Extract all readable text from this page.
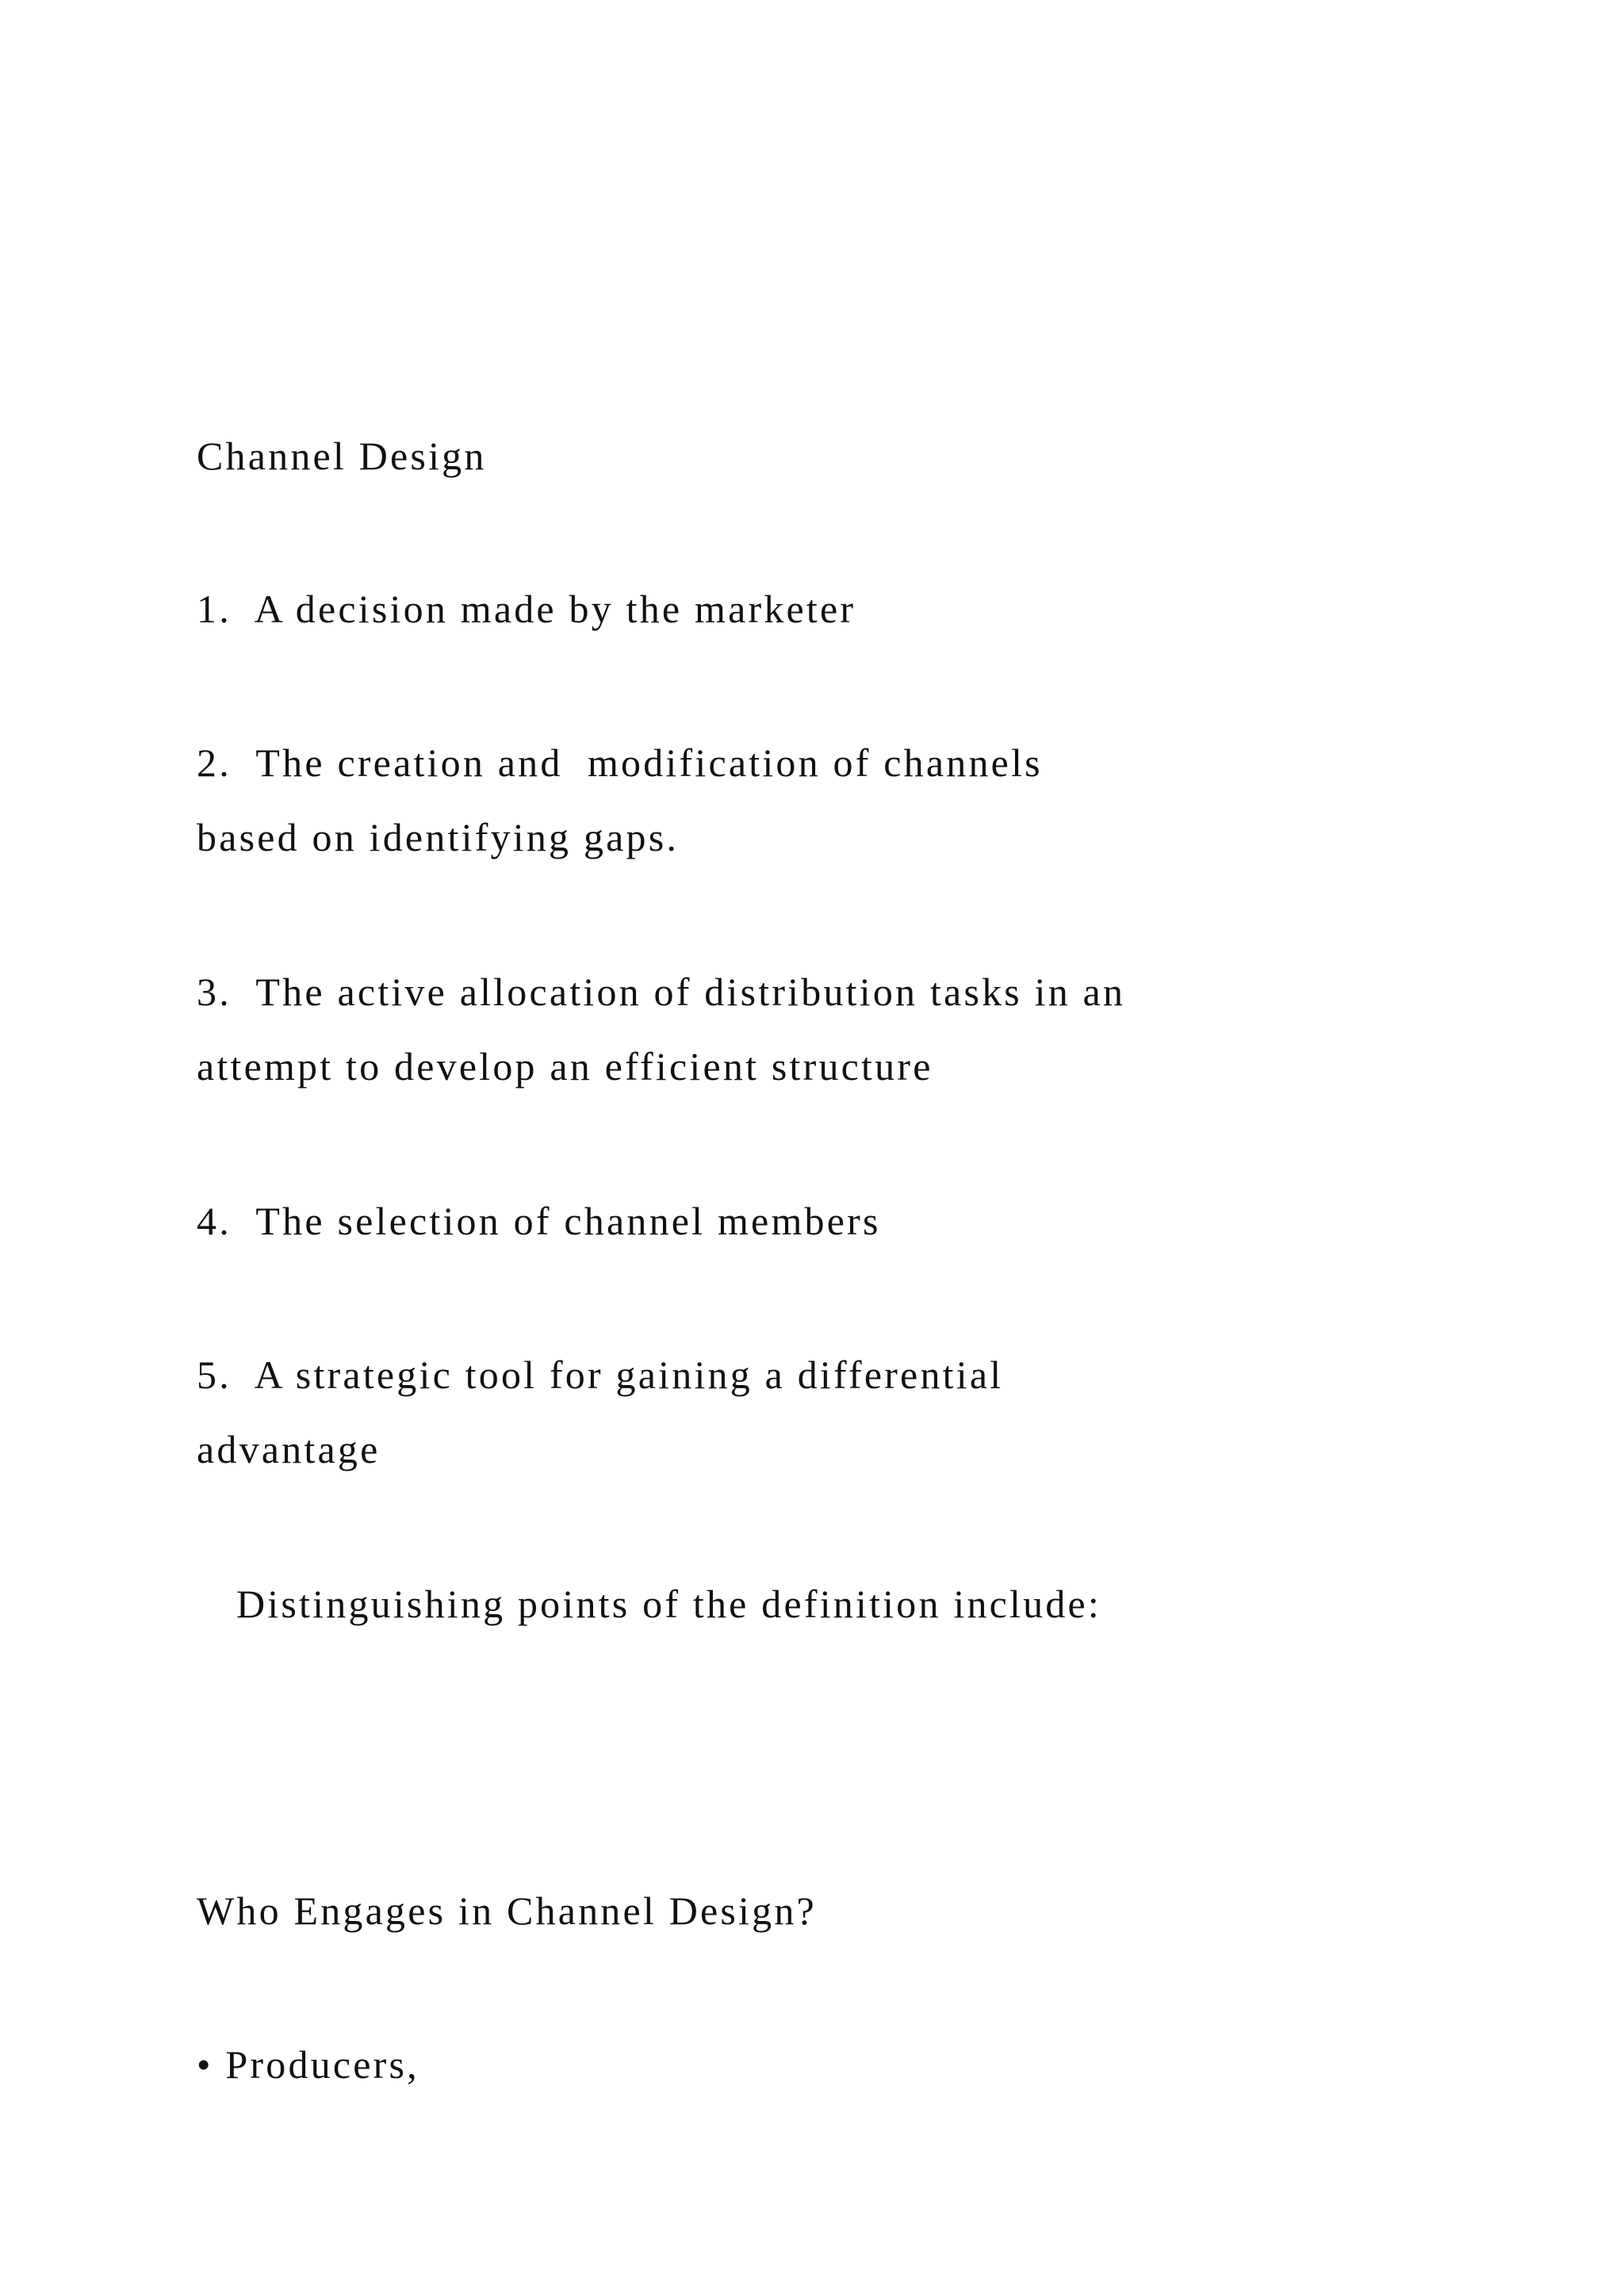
Channel Design

1. A decision made by the marketer

2. The creation and  modification of channels

based on identifying gaps.

3. The active allocation of distribution tasks in an

attempt to develop an efficient structure

4. The selection of channel members

5. A strategic tool for gaining a differential

advantage

Distinguishing points of the definition include:

Who Engages in Channel Design?

• Producers,
